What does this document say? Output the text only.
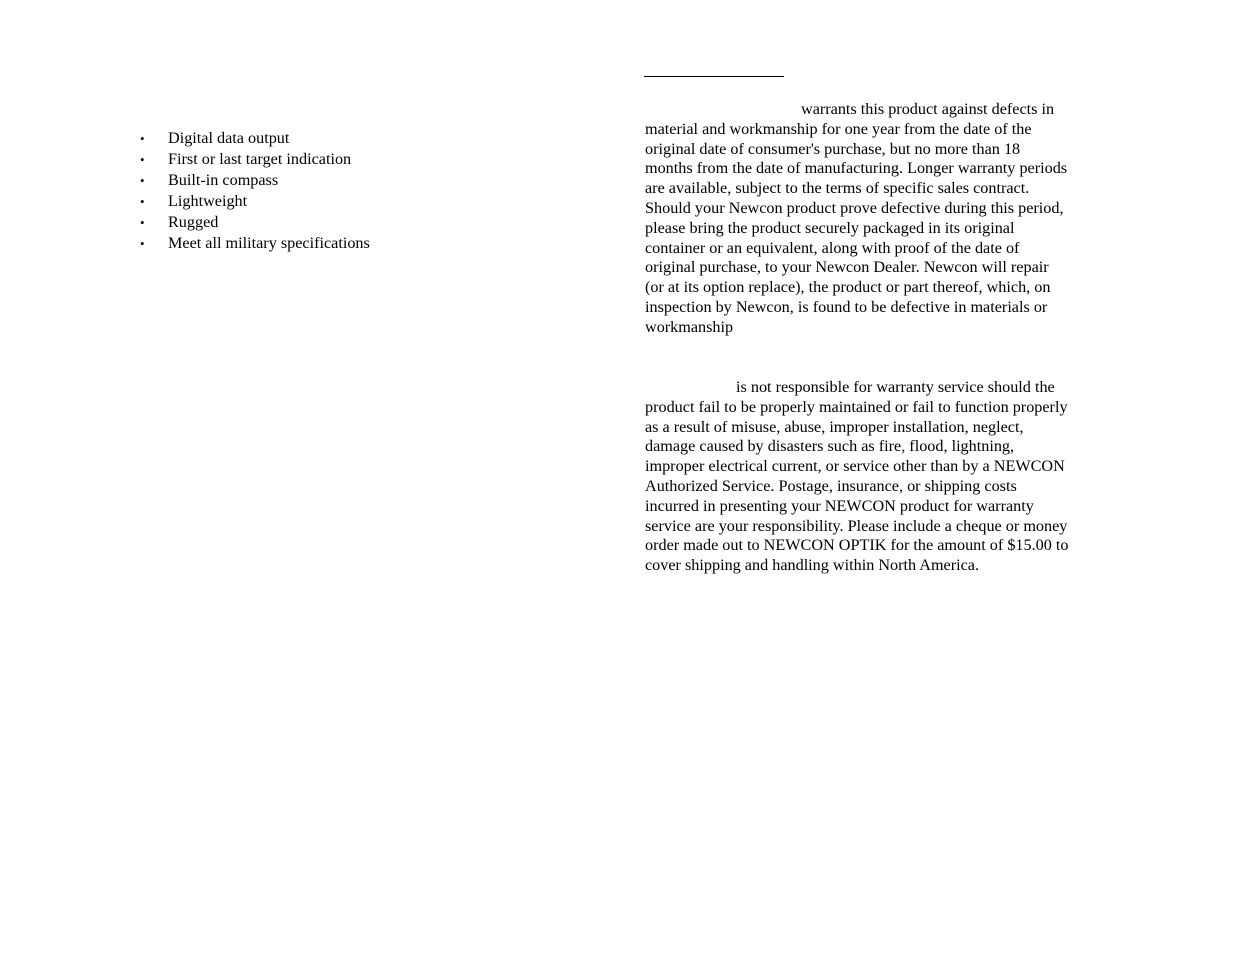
• Digital data output
• First or last target indication
• Built-in compass
• Lightweight
• Rugged
• Meet all military specifications

warrants this product against defects in
material and workmanship for one year from the date of the
original date of consumer's purchase, but no more than 18
months from the date of manufacturing. Longer warranty periods
are available, subject to the terms of specific sales contract.
Should your Newcon product prove defective during this period,
please bring the product securely packaged in its original
container or an equivalent, along with proof of the date of
original purchase, to your Newcon Dealer. Newcon will repair
(or at its option replace), the product or part thereof, which, on
inspection by Newcon, is found to be defective in materials or
workmanship

is not responsible for warranty service should the
product fail to be properly maintained or fail to function properly
as a result of misuse, abuse, improper installation, neglect,
damage caused by disasters such as fire, flood, lightning,
improper electrical current, or service other than by a NEWCON
Authorized Service. Postage, insurance, or shipping costs
incurred in presenting your NEWCON product for warranty
service are your responsibility. Please include a cheque or money
order made out to NEWCON OPTIK for the amount of $15.00 to
cover shipping and handling within North America.
